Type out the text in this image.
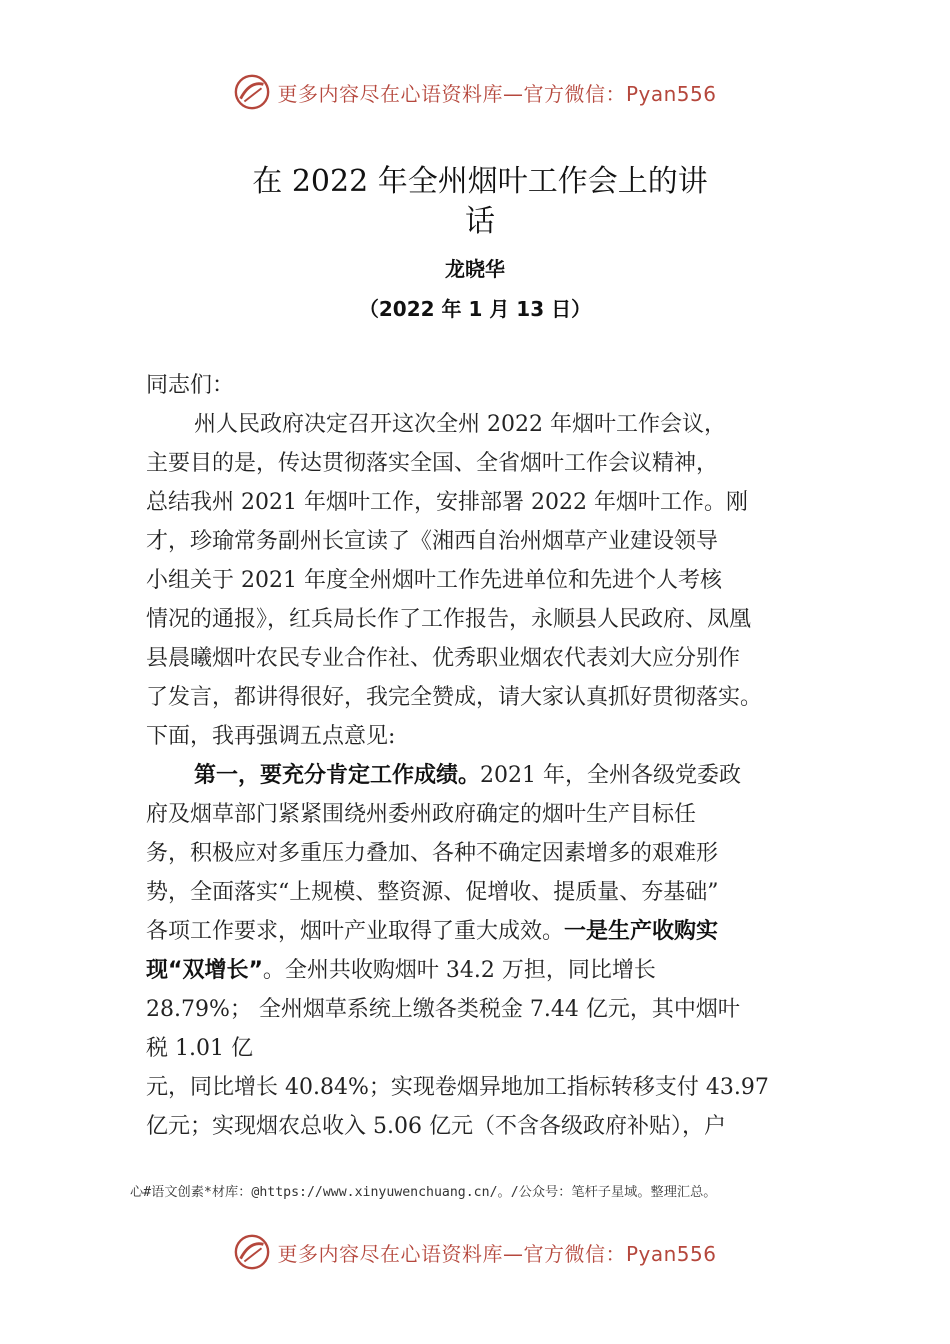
更多内容尽在心语资料库—官方微信：Pyan556
在 2022 年全州烟叶工作会上的讲
话
龙晓华
（2022 年 1 月 13 日）
同志们：
州人民政府决定召开这次全州 2022 年烟叶工作会议，
主要目的是，传达贯彻落实全国、全省烟叶工作会议精神，
总结我州 2021 年烟叶工作，安排部署 2022 年烟叶工作。刚
才，珍瑜常务副州长宣读了《湘西自治州烟草产业建设领导
小组关于 2021 年度全州烟叶工作先进单位和先进个人考核
情况的通报》，红兵局长作了工作报告，永顺县人民政府、凤凰
县晨曦烟叶农民专业合作社、优秀职业烟农代表刘大应分别作
了发言，都讲得很好，我完全赞成，请大家认真抓好贯彻落实。
下面，我再强调五点意见:
第一，要充分肯定工作成绩。2021 年，全州各级党委政
府及烟草部门紧紧围绕州委州政府确定的烟叶生产目标任
务，积极应对多重压力叠加、各种不确定因素增多的艰难形
势，全面落实“上规模、整资源、促增收、提质量、夯基础”
各项工作要求，烟叶产业取得了重大成效。一是生产收购实
现“双增长”。全州共收购烟叶 34.2 万担，同比增长
28.79%； 全州烟草系统上缴各类税金 7.44 亿元，其中烟叶
税 1.01 亿
元，同比增长 40.84%；实现卷烟异地加工指标转移支付 43.97
亿元；实现烟农总收入 5.06 亿元（不含各级政府补贴），户
心#语文创素*材库：@https://www.xinyuwenchuang.cn/。/公众号：笔杆子星域。整理汇总。
更多内容尽在心语资料库—官方微信：Pyan556
